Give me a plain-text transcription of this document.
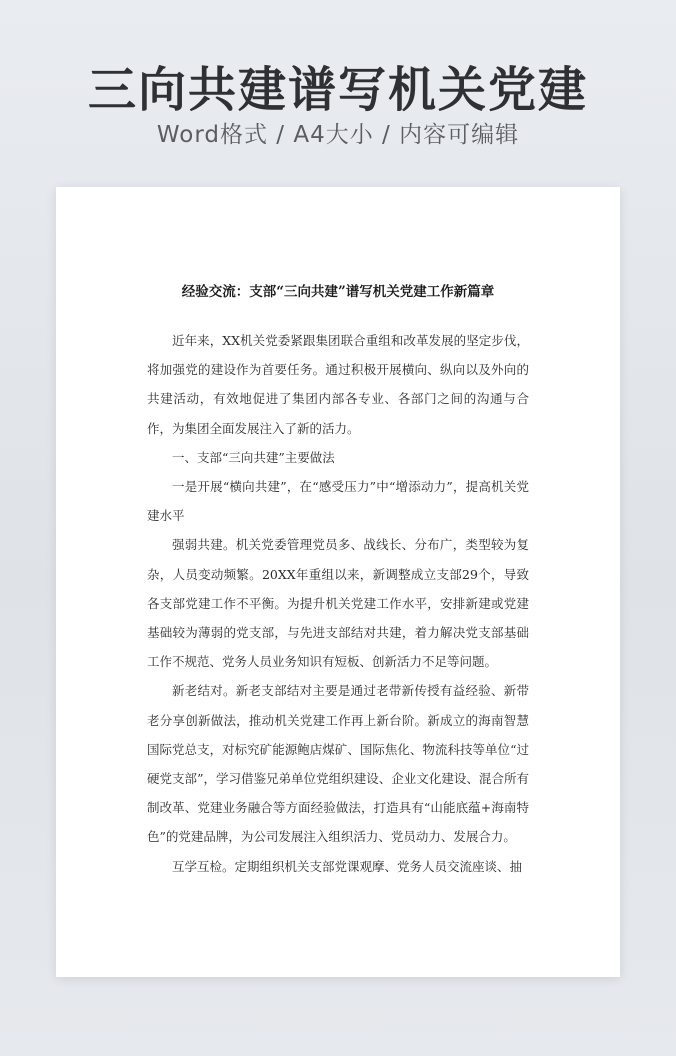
三向共建谱写机关党建
Word格式 / A4大小 / 内容可编辑
经验交流：支部“三向共建”谱写机关党建工作新篇章

近年来，XX机关党委紧跟集团联合重组和改革发展的坚定步伐，将加强党的建设作为首要任务。通过积极开展横向、纵向以及外向的共建活动，有效地促进了集团内部各专业、各部门之间的沟通与合作，为集团全面发展注入了新的活力。

一、支部“三向共建”主要做法

一是开展“横向共建”，在“感受压力”中“增添动力”，提高机关党建水平

强弱共建。机关党委管理党员多、战线长、分布广，类型较为复杂，人员变动频繁。20XX年重组以来，新调整成立支部29个，导致各支部党建工作不平衡。为提升机关党建工作水平，安排新建或党建基础较为薄弱的党支部，与先进支部结对共建，着力解决党支部基础工作不规范、党务人员业务知识有短板、创新活力不足等问题。

新老结对。新老支部结对主要是通过老带新传授有益经验、新带老分享创新做法，推动机关党建工作再上新台阶。新成立的海南智慧国际党总支，对标究矿能源鲍店煤矿、国际焦化、物流科技等单位“过硬党支部”，学习借鉴兄弟单位党组织建设、企业文化建设、混合所有制改革、党建业务融合等方面经验做法，打造具有“山能底蕴+海南特色”的党建品牌，为公司发展注入组织活力、党员动力、发展合力。

互学互检。定期组织机关支部党课观摩、党务人员交流座谈、抽
